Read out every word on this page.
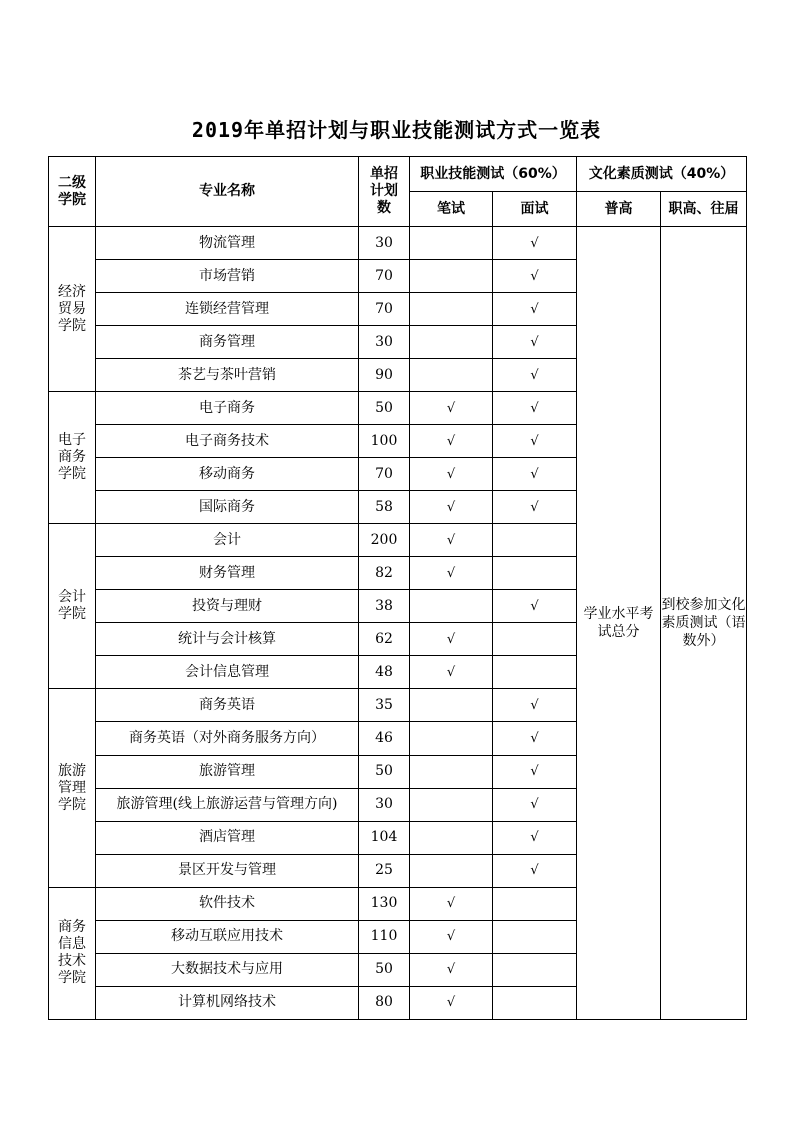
2019年单招计划与职业技能测试方式一览表
二级学院	专业名称	单招计划数	职业技能测试（60%）		文化素质测试（40%）	
			笔试	面试	普高	职高、往届
经济贸易学院	物流管理	30		√	学业水平考试总分	到校参加文化素质测试（语数外）
	市场营销	70		√		
	连锁经营管理	70		√		
	商务管理	30		√		
	茶艺与茶叶营销	90		√		
电子商务学院	电子商务	50	√	√		
	电子商务技术	100	√	√		
	移动商务	70	√	√		
	国际商务	58	√	√		
会计学院	会计	200	√			
	财务管理	82	√			
	投资与理财	38		√		
	统计与会计核算	62	√			
	会计信息管理	48	√			
旅游管理学院	商务英语	35		√		
	商务英语（对外商务服务方向）	46		√		
	旅游管理	50		√		
	旅游管理(线上旅游运营与管理方向)	30		√		
	酒店管理	104		√		
	景区开发与管理	25		√		
商务信息技术学院	软件技术	130	√			
	移动互联应用技术	110	√			
	大数据技术与应用	50	√			
	计算机网络技术	80	√			
